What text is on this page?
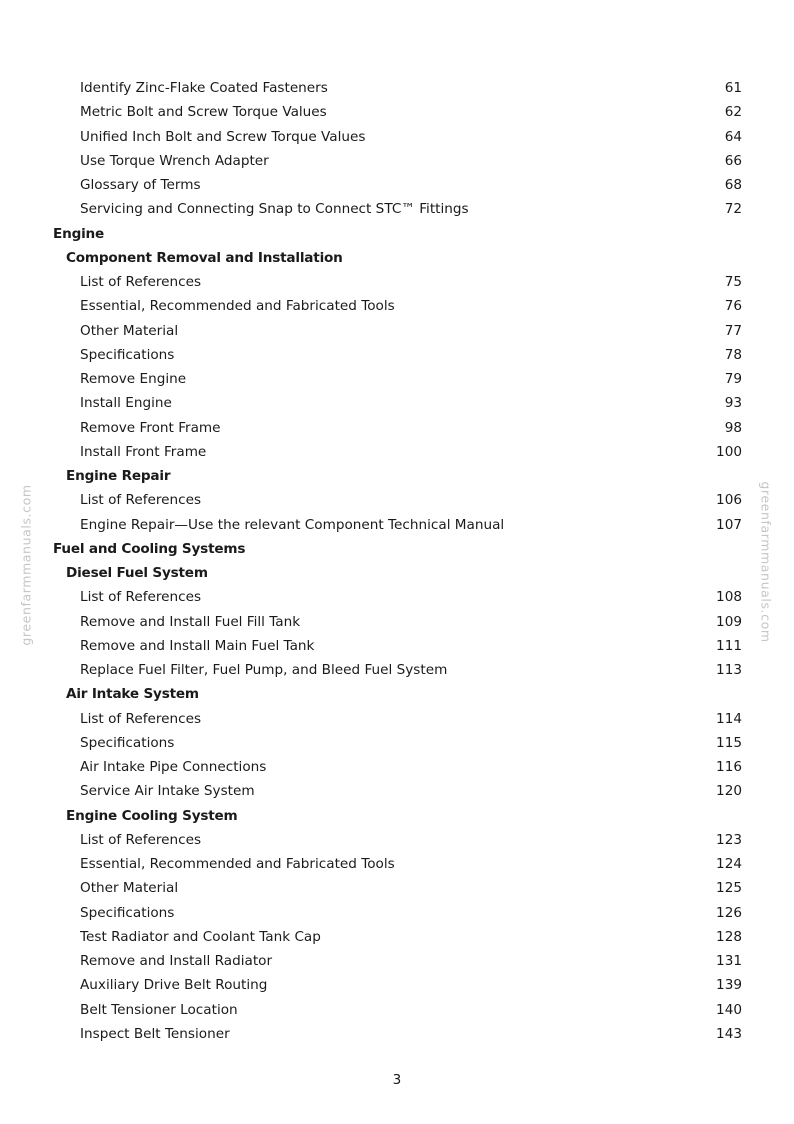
greenfarmmanuals.com	greenfarmmanuals.com
Identify Zinc-Flake Coated Fasteners	61
Metric Bolt and Screw Torque Values	62
Unified Inch Bolt and Screw Torque Values	64
Use Torque Wrench Adapter	66
Glossary of Terms	68
Servicing and Connecting Snap to Connect STC™ Fittings	72
Engine
Component Removal and Installation
List of References	75
Essential, Recommended and Fabricated Tools	76
Other Material	77
Specifications	78
Remove Engine	79
Install Engine	93
Remove Front Frame	98
Install Front Frame	100
Engine Repair
List of References	106
Engine Repair—Use the relevant Component Technical Manual	107
Fuel and Cooling Systems
Diesel Fuel System
List of References	108
Remove and Install Fuel Fill Tank	109
Remove and Install Main Fuel Tank	111
Replace Fuel Filter, Fuel Pump, and Bleed Fuel System	113
Air Intake System
List of References	114
Specifications	115
Air Intake Pipe Connections	116
Service Air Intake System	120
Engine Cooling System
List of References	123
Essential, Recommended and Fabricated Tools	124
Other Material	125
Specifications	126
Test Radiator and Coolant Tank Cap	128
Remove and Install Radiator	131
Auxiliary Drive Belt Routing	139
Belt Tensioner Location	140
Inspect Belt Tensioner	143
3
